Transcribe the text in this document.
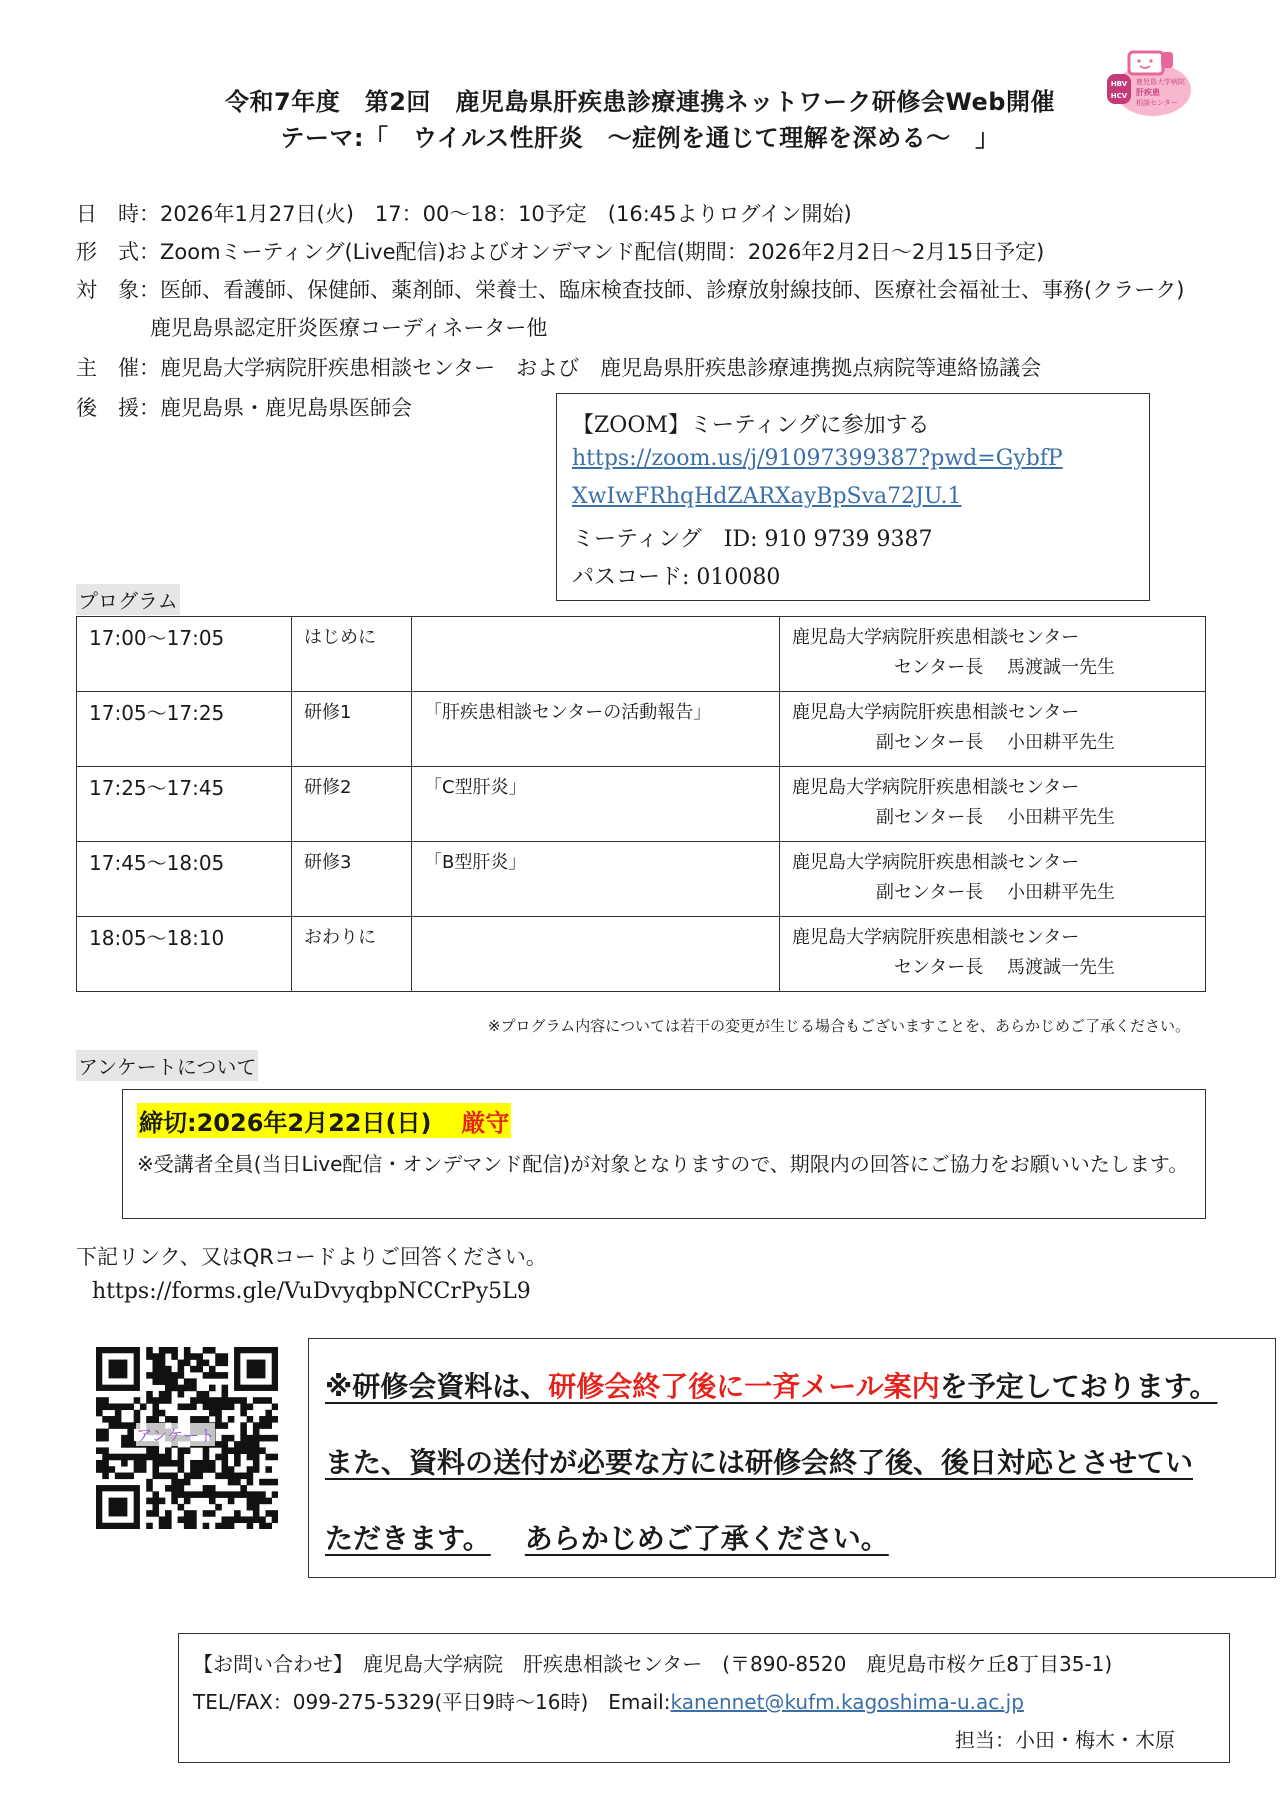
令和7年度　第2回　鹿児島県肝疾患診療連携ネットワーク研修会Web開催
テーマ:「　ウイルス性肝炎　～症例を通じて理解を深める～　」
HBV
HCV
鹿児島大学病院
肝疾患
相談センター
日　時：2026年1月27日(火)　17：00～18：10予定　(16:45よりログイン開始)
形　式：Zoomミーティング(Live配信)およびオンデマンド配信(期間：2026年2月2日～2月15日予定)
対　象：医師、看護師、保健師、薬剤師、栄養士、臨床検査技師、診療放射線技師、医療社会福祉士、事務(クラーク)
鹿児島県認定肝炎医療コーディネーター他
主　催：鹿児島大学病院肝疾患相談センター　および　鹿児島県肝疾患診療連携拠点病院等連絡協議会
後　援：鹿児島県・鹿児島県医師会
【ZOOM】ミーティングに参加する
https://zoom.us/j/91097399387?pwd=GybfP
XwIwFRhqHdZARXayBpSva72JU.1
ミーティング　ID: 910 9739 9387
パスコード: 010080
プログラム
17:00～17:05	はじめに		鹿児島大学病院肝疾患相談センター
センター長　 馬渡誠一先生

17:05～17:25	研修1	「肝疾患相談センターの活動報告」	鹿児島大学病院肝疾患相談センター
副センター長　 小田耕平先生

17:25～17:45	研修2	「C型肝炎」	鹿児島大学病院肝疾患相談センター
副センター長　 小田耕平先生

17:45～18:05	研修3	「B型肝炎」	鹿児島大学病院肝疾患相談センター
副センター長　 小田耕平先生

18:05～18:10	おわりに		鹿児島大学病院肝疾患相談センター
センター長　 馬渡誠一先生
※プログラム内容については若干の変更が生じる場合もございますことを、あらかじめご了承ください。
アンケートについて
締切:2026年2月22日(日) 厳守
※受講者全員(当日Live配信・オンデマンド配信)が対象となりますので、期限内の回答にご協力をお願いいたします。
下記リンク、又はQRコードよりご回答ください。
https://forms.gle/VuDvyqbpNCCrPy5L9
アンケート
※研修会資料は、研修会終了後に一斉メール案内を予定しております。
また、資料の送付が必要な方には研修会終了後、後日対応とさせてい
ただきます。 あらかじめご了承ください。
【お問い合わせ】　鹿児島大学病院　肝疾患相談センター　(〒890-8520　鹿児島市桜ケ丘8丁目35-1)
TEL/FAX：099-275-5329(平日9時～16時)　Email:kanennet@kufm.kagoshima-u.ac.jp
担当：小田・梅木・木原
